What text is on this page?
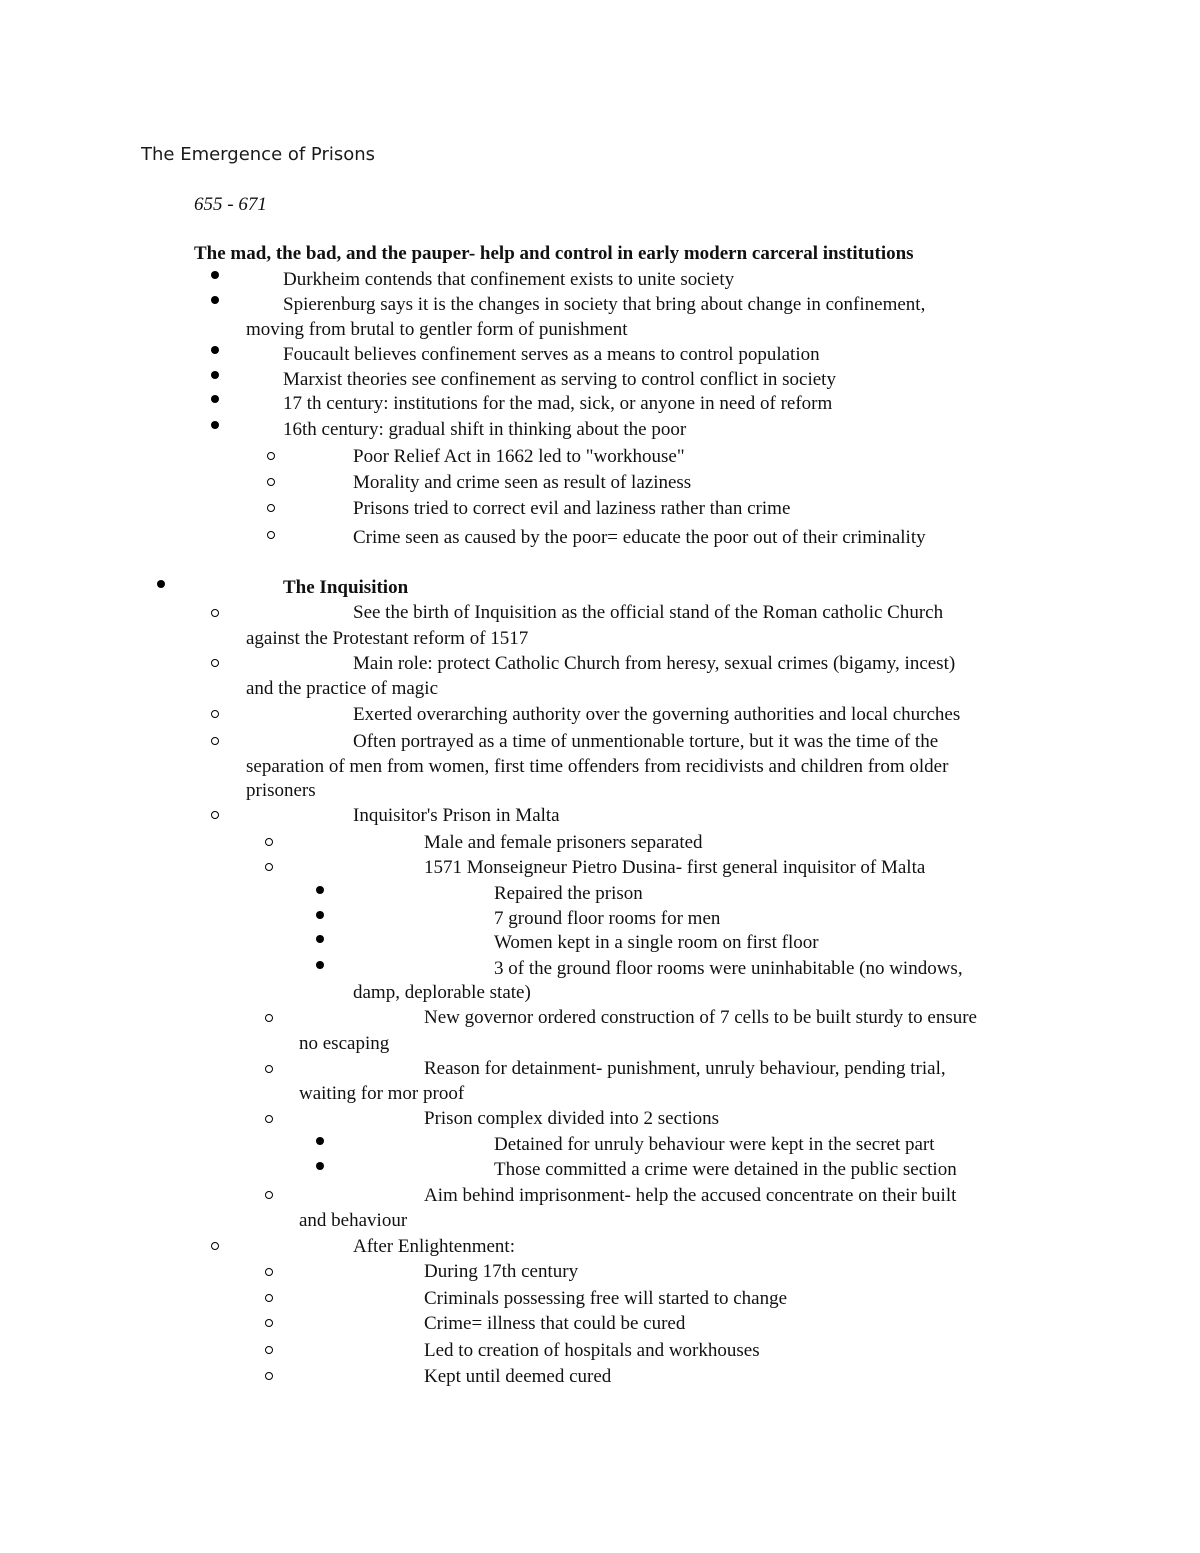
The Emergence of Prisons
655 - 671
The mad, the bad, and the pauper- help and control in early modern carceral institutions
Durkheim contends that confinement exists to unite society
Spierenburg says it is the changes in society that bring about change in confinement,
moving from brutal to gentler form of punishment
Foucault believes confinement serves as a means to control population
Marxist theories see confinement as serving to control conflict in society
17 th century: institutions for the mad, sick, or anyone in need of reform
16th century: gradual shift in thinking about the poor
Poor Relief Act in 1662 led to "workhouse"
Morality and crime seen as result of laziness
Prisons tried to correct evil and laziness rather than crime
Crime seen as caused by the poor= educate the poor out of their criminality
The Inquisition
See the birth of Inquisition as the official stand of the Roman catholic Church
against the Protestant reform of 1517
Main role: protect Catholic Church from heresy, sexual crimes (bigamy, incest)
and the practice of magic
Exerted overarching authority over the governing authorities and local churches
Often portrayed as a time of unmentionable torture, but it was the time of the
separation of men from women, first time offenders from recidivists and children from older
prisoners
Inquisitor's Prison in Malta
Male and female prisoners separated
1571 Monseigneur Pietro Dusina- first general inquisitor of Malta
Repaired the prison
7 ground floor rooms for men
Women kept in a single room on first floor
3 of the ground floor rooms were uninhabitable (no windows,
damp, deplorable state)
New governor ordered construction of 7 cells to be built sturdy to ensure
no escaping
Reason for detainment- punishment, unruly behaviour, pending trial,
waiting for mor proof
Prison complex divided into 2 sections
Detained for unruly behaviour were kept in the secret part
Those committed a crime were detained in the public section
Aim behind imprisonment- help the accused concentrate on their built
and behaviour
After Enlightenment:
During 17th century
Criminals possessing free will started to change
Crime= illness that could be cured
Led to creation of hospitals and workhouses
Kept until deemed cured
